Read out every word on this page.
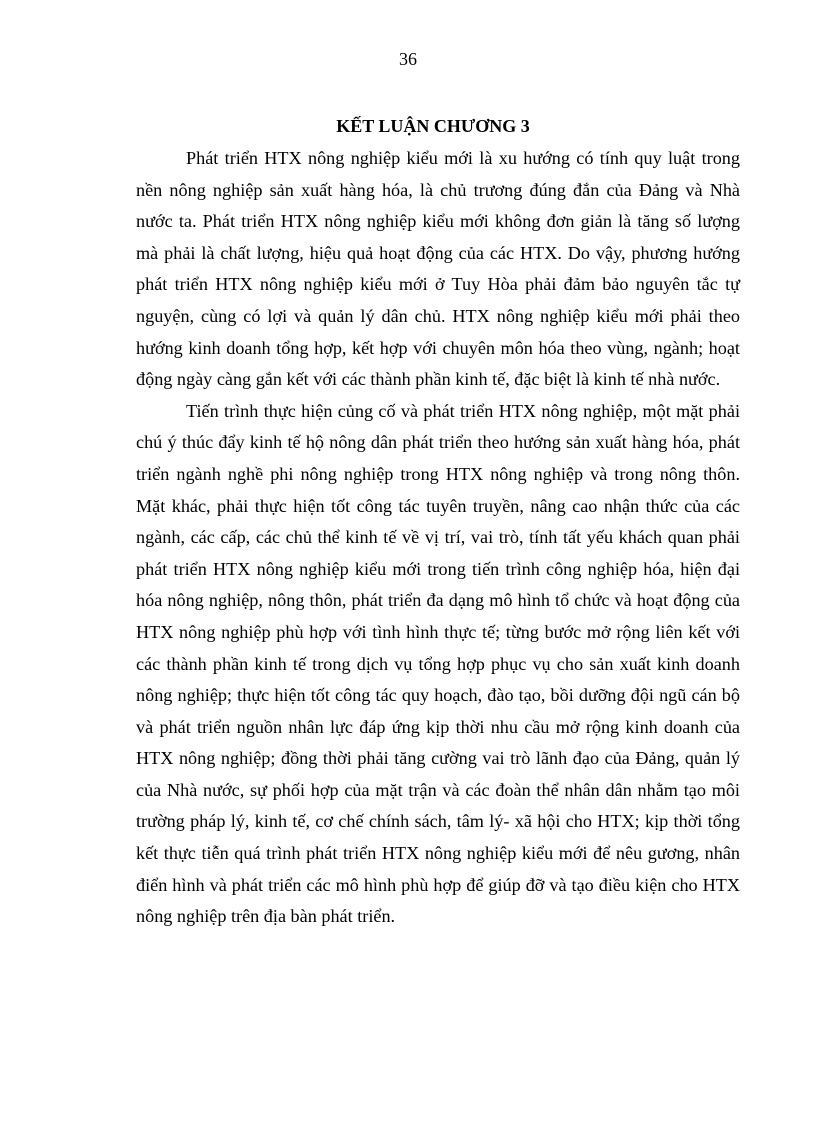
36
KẾT LUẬN CHƯƠNG 3

Phát triển HTX nông nghiệp kiểu mới là xu hướng có tính quy luật trong nền nông nghiệp sản xuất hàng hóa, là chủ trương đúng đắn của Đảng và Nhà nước ta. Phát triển HTX nông nghiệp kiểu mới không đơn giản là tăng số lượng mà phải là chất lượng, hiệu quả hoạt động của các HTX. Do vậy, phương hướng phát triển HTX nông nghiệp kiểu mới ở Tuy Hòa phải đảm bảo nguyên tắc tự nguyện, cùng có lợi và quản lý dân chủ. HTX nông nghiệp kiểu mới phải theo hướng kinh doanh tổng hợp, kết hợp với chuyên môn hóa theo vùng, ngành; hoạt động ngày càng gắn kết với các thành phần kinh tế, đặc biệt là kinh tế nhà nước.

Tiến trình thực hiện củng cố và phát triển HTX nông nghiệp, một mặt phải chú ý thúc đẩy kinh tế hộ nông dân phát triển theo hướng sản xuất hàng hóa, phát triển ngành nghề phi nông nghiệp trong HTX nông nghiệp và trong nông thôn. Mặt khác, phải thực hiện tốt công tác tuyên truyền, nâng cao nhận thức của các ngành, các cấp, các chủ thể kinh tế về vị trí, vai trò, tính tất yếu khách quan phải phát triển HTX nông nghiệp kiểu mới trong tiến trình công nghiệp hóa, hiện đại hóa nông nghiệp, nông thôn, phát triển đa dạng mô hình tổ chức và hoạt động của HTX nông nghiệp phù hợp với tình hình thực tế; từng bước mở rộng liên kết với các thành phần kinh tế trong dịch vụ tổng hợp phục vụ cho sản xuất kinh doanh nông nghiệp; thực hiện tốt công tác quy hoạch, đào tạo, bồi dưỡng đội ngũ cán bộ và phát triển nguồn nhân lực đáp ứng kịp thời nhu cầu mở rộng kinh doanh của HTX nông nghiệp; đồng thời phải tăng cường vai trò lãnh đạo của Đảng, quản lý của Nhà nước, sự phối hợp của mặt trận và các đoàn thể nhân dân nhằm tạo môi trường pháp lý, kinh tế, cơ chế chính sách, tâm lý- xã hội cho HTX; kịp thời tổng kết thực tiễn quá trình phát triển HTX nông nghiệp kiểu mới để nêu gương, nhân điển hình và phát triển các mô hình phù hợp để giúp đỡ và tạo điều kiện cho HTX nông nghiệp trên địa bàn phát triển.
